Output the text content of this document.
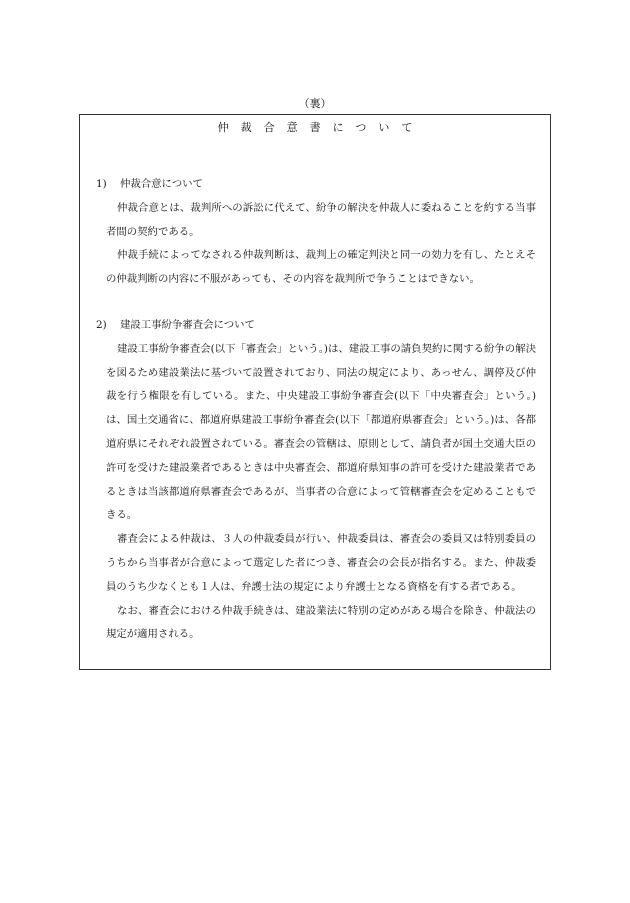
（裏）
仲裁合意書について
1) 仲裁合意について

仲裁合意とは、裁判所への訴訟に代えて、紛争の解決を仲裁人に委ねることを約する当事者間の契約である。

仲裁手続によってなされる仲裁判断は、裁判上の確定判決と同一の効力を有し、たとえその仲裁判断の内容に不服があっても、その内容を裁判所で争うことはできない。

2) 建設工事紛争審査会について

建設工事紛争審査会(以下「審査会」という。)は、建設工事の請負契約に関する紛争の解決を図るため建設業法に基づいて設置されており、同法の規定により、あっせん、調停及び仲裁を行う権限を有している。また、中央建設工事紛争審査会(以下「中央審査会」という。)は、国土交通省に、都道府県建設工事紛争審査会(以下「都道府県審査会」という。)は、各都道府県にそれぞれ設置されている。審査会の管轄は、原則として、請負者が国土交通大臣の許可を受けた建設業者であるときは中央審査会、都道府県知事の許可を受けた建設業者であるときは当該都道府県審査会であるが、当事者の合意によって管轄審査会を定めることもできる。

審査会による仲裁は、３人の仲裁委員が行い、仲裁委員は、審査会の委員又は特別委員のうちから当事者が合意によって選定した者につき、審査会の会長が指名する。また、仲裁委員のうち少なくとも１人は、弁護士法の規定により弁護士となる資格を有する者である。

なお、審査会における仲裁手続きは、建設業法に特別の定めがある場合を除き、仲裁法の規定が適用される。
